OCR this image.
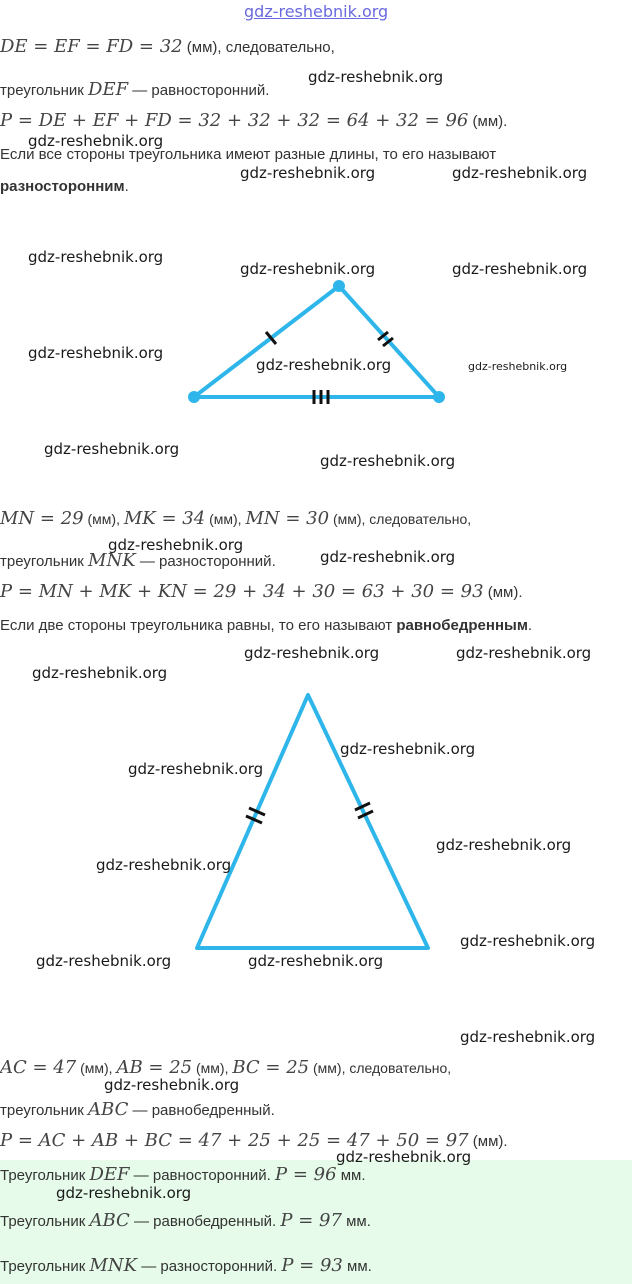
gdz-reshebnik.org
DE = EF = FD = 32 (мм), следовательно,
треугольник DEF — равносторонний.
P = DE + EF + FD = 32 + 32 + 32 = 64 + 32 = 96 (мм).
Если все стороны треугольника имеют разные длины, то его называют
разносторонним.
MN = 29 (мм), MK = 34 (мм), MN = 30 (мм), следовательно,
треугольник MNK — разносторонний.
P = MN + MK + KN = 29 + 34 + 30 = 63 + 30 = 93 (мм).
Если две стороны треугольника равны, то его называют равнобедренным.
AC = 47 (мм), AB = 25 (мм), BC = 25 (мм), следовательно,
треугольник ABC — равнобедренный.
P = AC + AB + BC = 47 + 25 + 25 = 47 + 50 = 97 (мм).
Треугольник DEF — равносторонний. P = 96 мм.
Треугольник ABC — равнобедренный. P = 97 мм.
Треугольник MNK — разносторонний. P = 93 мм.
gdz-reshebnik.org
gdz-reshebnik.org
gdz-reshebnik.org	gdz-reshebnik.org
gdz-reshebnik.org
gdz-reshebnik.org	gdz-reshebnik.org
gdz-reshebnik.org
gdz-reshebnik.org	gdz-reshebnik.org
gdz-reshebnik.org
gdz-reshebnik.org
gdz-reshebnik.org
gdz-reshebnik.org
gdz-reshebnik.org	gdz-reshebnik.org
gdz-reshebnik.org
gdz-reshebnik.org
gdz-reshebnik.org
gdz-reshebnik.org
gdz-reshebnik.org
gdz-reshebnik.org
gdz-reshebnik.org	gdz-reshebnik.org
gdz-reshebnik.org
gdz-reshebnik.org
gdz-reshebnik.org
gdz-reshebnik.org
